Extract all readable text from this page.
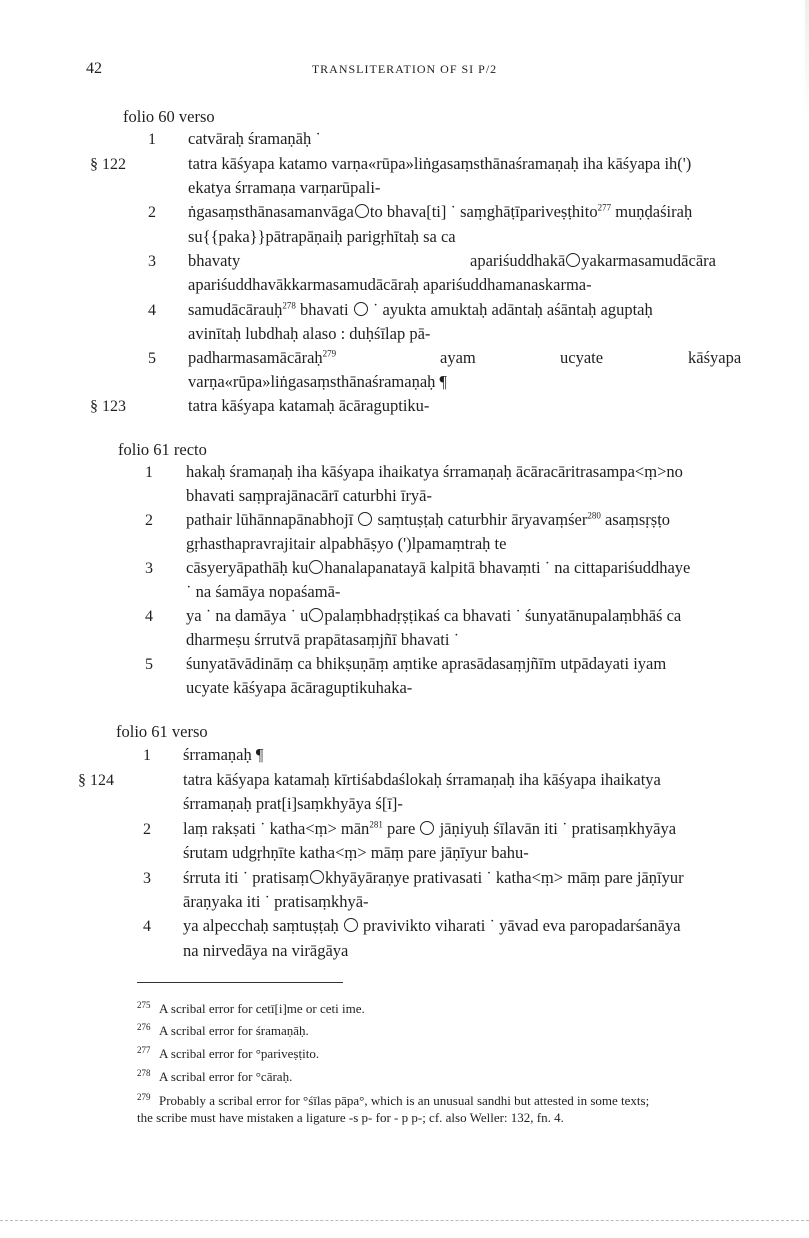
42	TRANSLITERATION OF SI P/2
folio 60 verso
1 catvāraḥ śramaṇāḥ ˙
§ 122	tatra kāśyapa katamo varṇa«rūpa»liṅgasaṃsthānaśramaṇaḥ iha kāśyapa ih(')
ekatya śrramaṇa varṇarūpali-
2 ṅgasaṃsthānasamanvāga to bhava[ti] ˙ saṃghāṭīpariveṣṭhito$^{277}$ muṇḍaśiraḥ
su{{paka}}pātrapāṇaiḥ parigṛhītaḥ sa ca
3 bhavaty	apariśuddhakā yakarmasamudācāra
apariśuddhavākkarmasamudācāraḥ apariśuddhamanaskarma-
4 samudācārauḥ$^{278}$ bhavati  ˙ ayukta amuktaḥ adāntaḥ aśāntaḥ aguptaḥ
avinītaḥ lubdhaḥ alaso : duḥśīlap pā-
5 padharmasamācāraḥ$^{279}$	ayam	ucyate	kāśyapa
varṇa«rūpa»liṅgasaṃsthānaśramaṇaḥ ¶
§ 123	tatra kāśyapa katamaḥ ācāraguptiku-
folio 61 recto
1 hakaḥ śramaṇaḥ iha kāśyapa ihaikatya śrramaṇaḥ ācāracāritrasampa<ṃ>no
bhavati saṃprajānacārī caturbhi īryā-
2 pathair lūhānnapānabhojī  saṃtuṣṭaḥ caturbhir āryavaṃśer$^{280}$ asaṃsṛṣṭo
gṛhasthapravrajitair alpabhāṣyo (')lpamaṃtraḥ te
3 cāsyeryāpathāḥ ku hanalapanatayā kalpitā bhavaṃti ˙ na cittapariśuddhaye
˙ na śamāya nopaśamā-
4 ya ˙ na damāya ˙ u palaṃbhadṛṣṭikaś ca bhavati ˙ śunyatānupalaṃbhāś ca
dharmeṣu śrrutvā prapātasaṃjñī bhavati ˙
5 śunyatāvādināṃ ca bhikṣuṇāṃ aṃtike aprasādasaṃjñīm utpādayati iyam
ucyate kāśyapa ācāraguptikuhaka-
folio 61 verso
1 śrramaṇaḥ ¶
§ 124	tatra kāśyapa katamaḥ kīrtiśabdaślokaḥ śrramaṇaḥ iha kāśyapa ihaikatya
śrramaṇaḥ prat[i]saṃkhyāya ś[ī]-
2 laṃ rakṣati ˙ katha<ṃ> mān$^{281}$ pare  jāṇiyuḥ śīlavān iti ˙ pratisaṃkhyāya
śrutam udgṛhṇīte katha<ṃ> māṃ pare jāṇīyur bahu-
3 śrruta iti ˙ pratisaṃ khyāyāraṇye prativasati ˙ katha<ṃ> māṃ pare jāṇīyur
āraṇyaka iti ˙ pratisaṃkhyā-
4 ya alpecchaḥ saṃtuṣṭaḥ  pravivikto viharati ˙ yāvad eva paropadarśanāya
na nirvedāya na virāgāya
275 A scribal error for cetī[i]me or ceti ime.
276 A scribal error for śramaṇāḥ.
277 A scribal error for °pariveṣṭito.
278 A scribal error for °cāraḥ.
279 Probably a scribal error for °śīlas pāpa°, which is an unusual sandhi but attested in some texts;
the scribe must have mistaken a ligature -s p- for - p p-; cf. also Weller: 132, fn. 4.
